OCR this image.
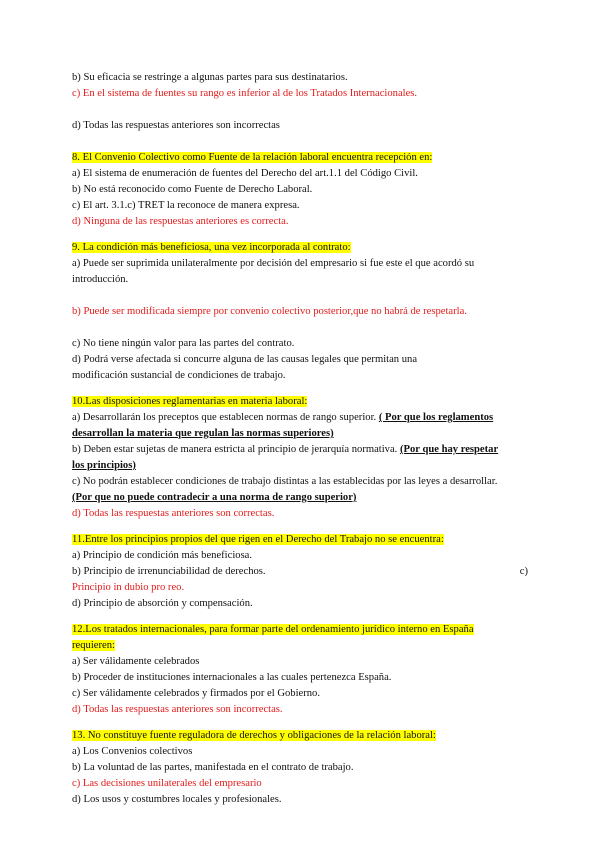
b) Su eficacia se restringe a algunas partes para sus destinatarios.
c) En el sistema de fuentes su rango es inferior al de los Tratados Internacionales.
d) Todas las respuestas anteriores son incorrectas
8. El Convenio Colectivo como Fuente de la relación laboral encuentra recepción en:
a) El sistema de enumeración de fuentes del Derecho del art.1.1 del Código Civil.
b) No está reconocido como Fuente de Derecho Laboral.
c) El art. 3.1.c) TRET la reconoce de manera expresa.
d) Ninguna de las respuestas anteriores es correcta.
9. La condición más beneficiosa, una vez incorporada al contrato:
a) Puede ser suprimida unilateralmente por decisión del empresario si fue este el que acordó su
introducción.
b) Puede ser modificada siempre por convenio colectivo posterior,que no habrá de respetarla.
c) No tiene ningún valor para las partes del contrato.
d) Podrá verse afectada si concurre alguna de las causas legales que permitan una
modificación sustancial de condiciones de trabajo.
10.Las disposiciones reglamentarias en materia laboral:
a) Desarrollarán los preceptos que establecen normas de rango superior. ( Por que los reglamentos
desarrollan la materia que regulan las normas superiores)
b) Deben estar sujetas de manera estricta al principio de jerarquía normativa. (Por que hay respetar
los principios)
c) No podrán establecer condiciones de trabajo distintas a las establecidas por las leyes a desarrollar.
(Por que no puede contradecir a una norma de rango superior)
d) Todas las respuestas anteriores son correctas.
11.Entre los principios propios del que rigen en el Derecho del Trabajo no se encuentra:
a) Principio de condición más beneficiosa.
b) Principio de irrenunciabilidad de derechos.	c)
Principio in dubio pro reo.
d) Principio de absorción y compensación.
12.Los tratados internacionales, para formar parte del ordenamiento jurídico interno en España
requieren:
a) Ser válidamente celebrados
b) Proceder de instituciones internacionales a las cuales pertenezca España.
c) Ser válidamente celebrados y firmados por el Gobierno.
d) Todas las respuestas anteriores son incorrectas.
13. No constituye fuente reguladora de derechos y obligaciones de la relación laboral:
a) Los Convenios colectivos
b) La voluntad de las partes, manifestada en el contrato de trabajo.
c) Las decisiones unilaterales del empresario
d) Los usos y costumbres locales y profesionales.
